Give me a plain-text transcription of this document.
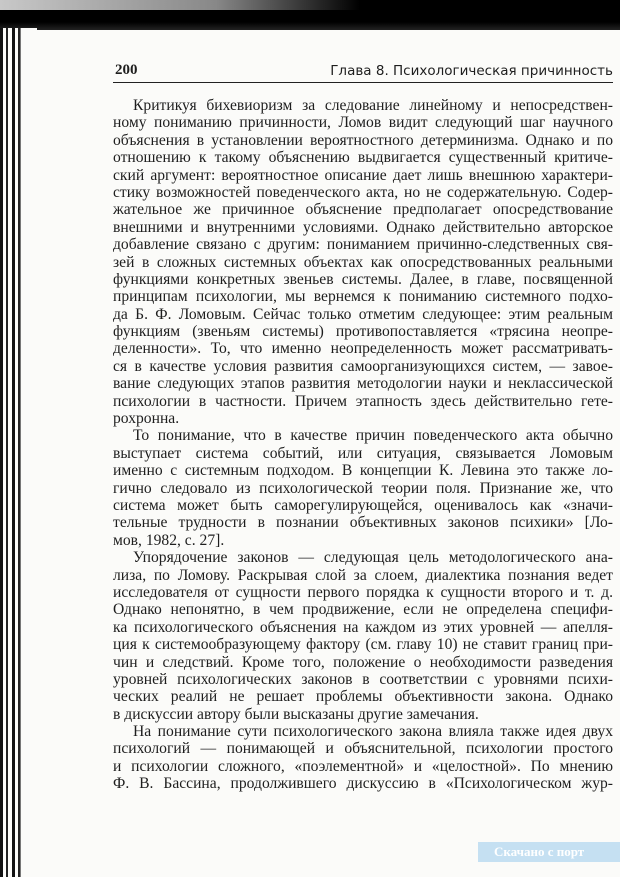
200	Глава 8. Психологическая причинность
Критикуя бихевиоризм за следование линейному и непосредствен-
ному пониманию причинности, Ломов видит следующий шаг научного
объяснения в установлении вероятностного детерминизма. Однако и по
отношению к такому объяснению выдвигается существенный критиче-
ский аргумент: вероятностное описание дает лишь внешнюю характери-
стику возможностей поведенческого акта, но не содержательную. Содер-
жательное же причинное объяснение предполагает опосредствование
внешними и внутренними условиями. Однако действительно авторское
добавление связано с другим: пониманием причинно-следственных свя-
зей в сложных системных объектах как опосредствованных реальными
функциями конкретных звеньев системы. Далее, в главе, посвященной
принципам психологии, мы вернемся к пониманию системного подхо-
да Б. Ф. Ломовым. Сейчас только отметим следующее: этим реальным
функциям (звеньям системы) противопоставляется «трясина неопре-
деленности». То, что именно неопределенность может рассматривать-
ся в качестве условия развития самоорганизующихся систем, — завое-
вание следующих этапов развития методологии науки и неклассической
психологии в частности. Причем этапность здесь действительно гете-
рохронна.
То понимание, что в качестве причин поведенческого акта обычно
выступает система событий, или ситуация, связывается Ломовым
именно с системным подходом. В концепции К. Левина это также ло-
гично следовало из психологической теории поля. Признание же, что
система может быть саморегулирующейся, оценивалось как «значи-
тельные трудности в познании объективных законов психики» [Ло-
мов, 1982, с. 27].
Упорядочение законов — следующая цель методологического ана-
лиза, по Ломову. Раскрывая слой за слоем, диалектика познания ведет
исследователя от сущности первого порядка к сущности второго и т. д.
Однако непонятно, в чем продвижение, если не определена специфи-
ка психологического объяснения на каждом из этих уровней — апелля-
ция к системообразующему фактору (см. главу 10) не ставит границ при-
чин и следствий. Кроме того, положение о необходимости разведения
уровней психологических законов в соответствии с уровнями психи-
ческих реалий не решает проблемы объективности закона. Однако
в дискуссии автору были высказаны другие замечания.
На понимание сути психологического закона влияла также идея двух
психологий — понимающей и объяснительной, психологии простого
и психологии сложного, «поэлементной» и «целостной». По мнению
Ф. В. Бассина, продолжившего дискуссию в «Психологическом жур-
Скачано с порт
